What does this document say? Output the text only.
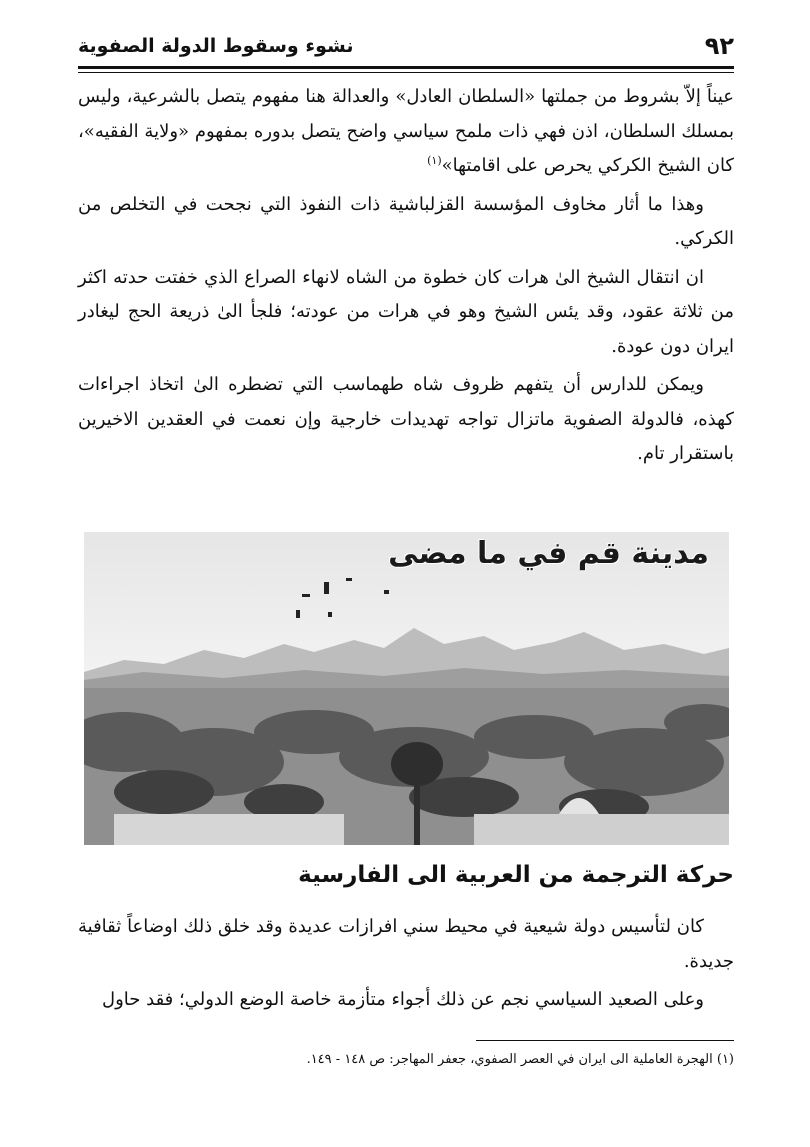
٩٢
نشوء وسقوط الدولة الصفوية

عيناً إلاّ بشروط من جملتها «السلطان العادل» والعدالة هنا مفهوم يتصل بالشرعية، وليس بمسلك السلطان، اذن فهي ذات ملمح سياسي واضح يتصل بدوره بمفهوم «ولاية الفقيه»، كان الشيخ الكركي يحرص على اقامتها»$^{(١)}$

وهذا ما أثار مخاوف المؤسسة القزلباشية ذات النفوذ التي نجحت في التخلص من الكركي.

ان انتقال الشيخ الىٰ هرات كان خطوة من الشاه لانهاء الصراع الذي خفتت حدته اكثر من ثلاثة عقود، وقد يئس الشيخ وهو في هرات من عودته؛ فلجأ الىٰ ذريعة الحج ليغادر ايران دون عودة.

ويمكن للدارس أن يتفهم ظروف شاه طهماسب التي تضطره الىٰ اتخاذ اجراءات كهذه، فالدولة الصفوية ماتزال تواجه تهديدات خارجية وإن نعمت في العقدين الاخيرين باستقرار تام.

مدينة قم في ما مضى
حركة الترجمة من العربية الى الفارسية

كان لتأسيس دولة شيعية في محيط سني افرازات عديدة وقد خلق ذلك اوضاعاً ثقافية جديدة.

وعلى الصعيد السياسي نجم عن ذلك أجواء متأزمة خاصة الوضع الدولي؛ فقد حاول

(١) الهجرة العاملية الى ايران في العصر الصفوي، جعفر المهاجر: ص ١٤٨ - ١٤٩.
